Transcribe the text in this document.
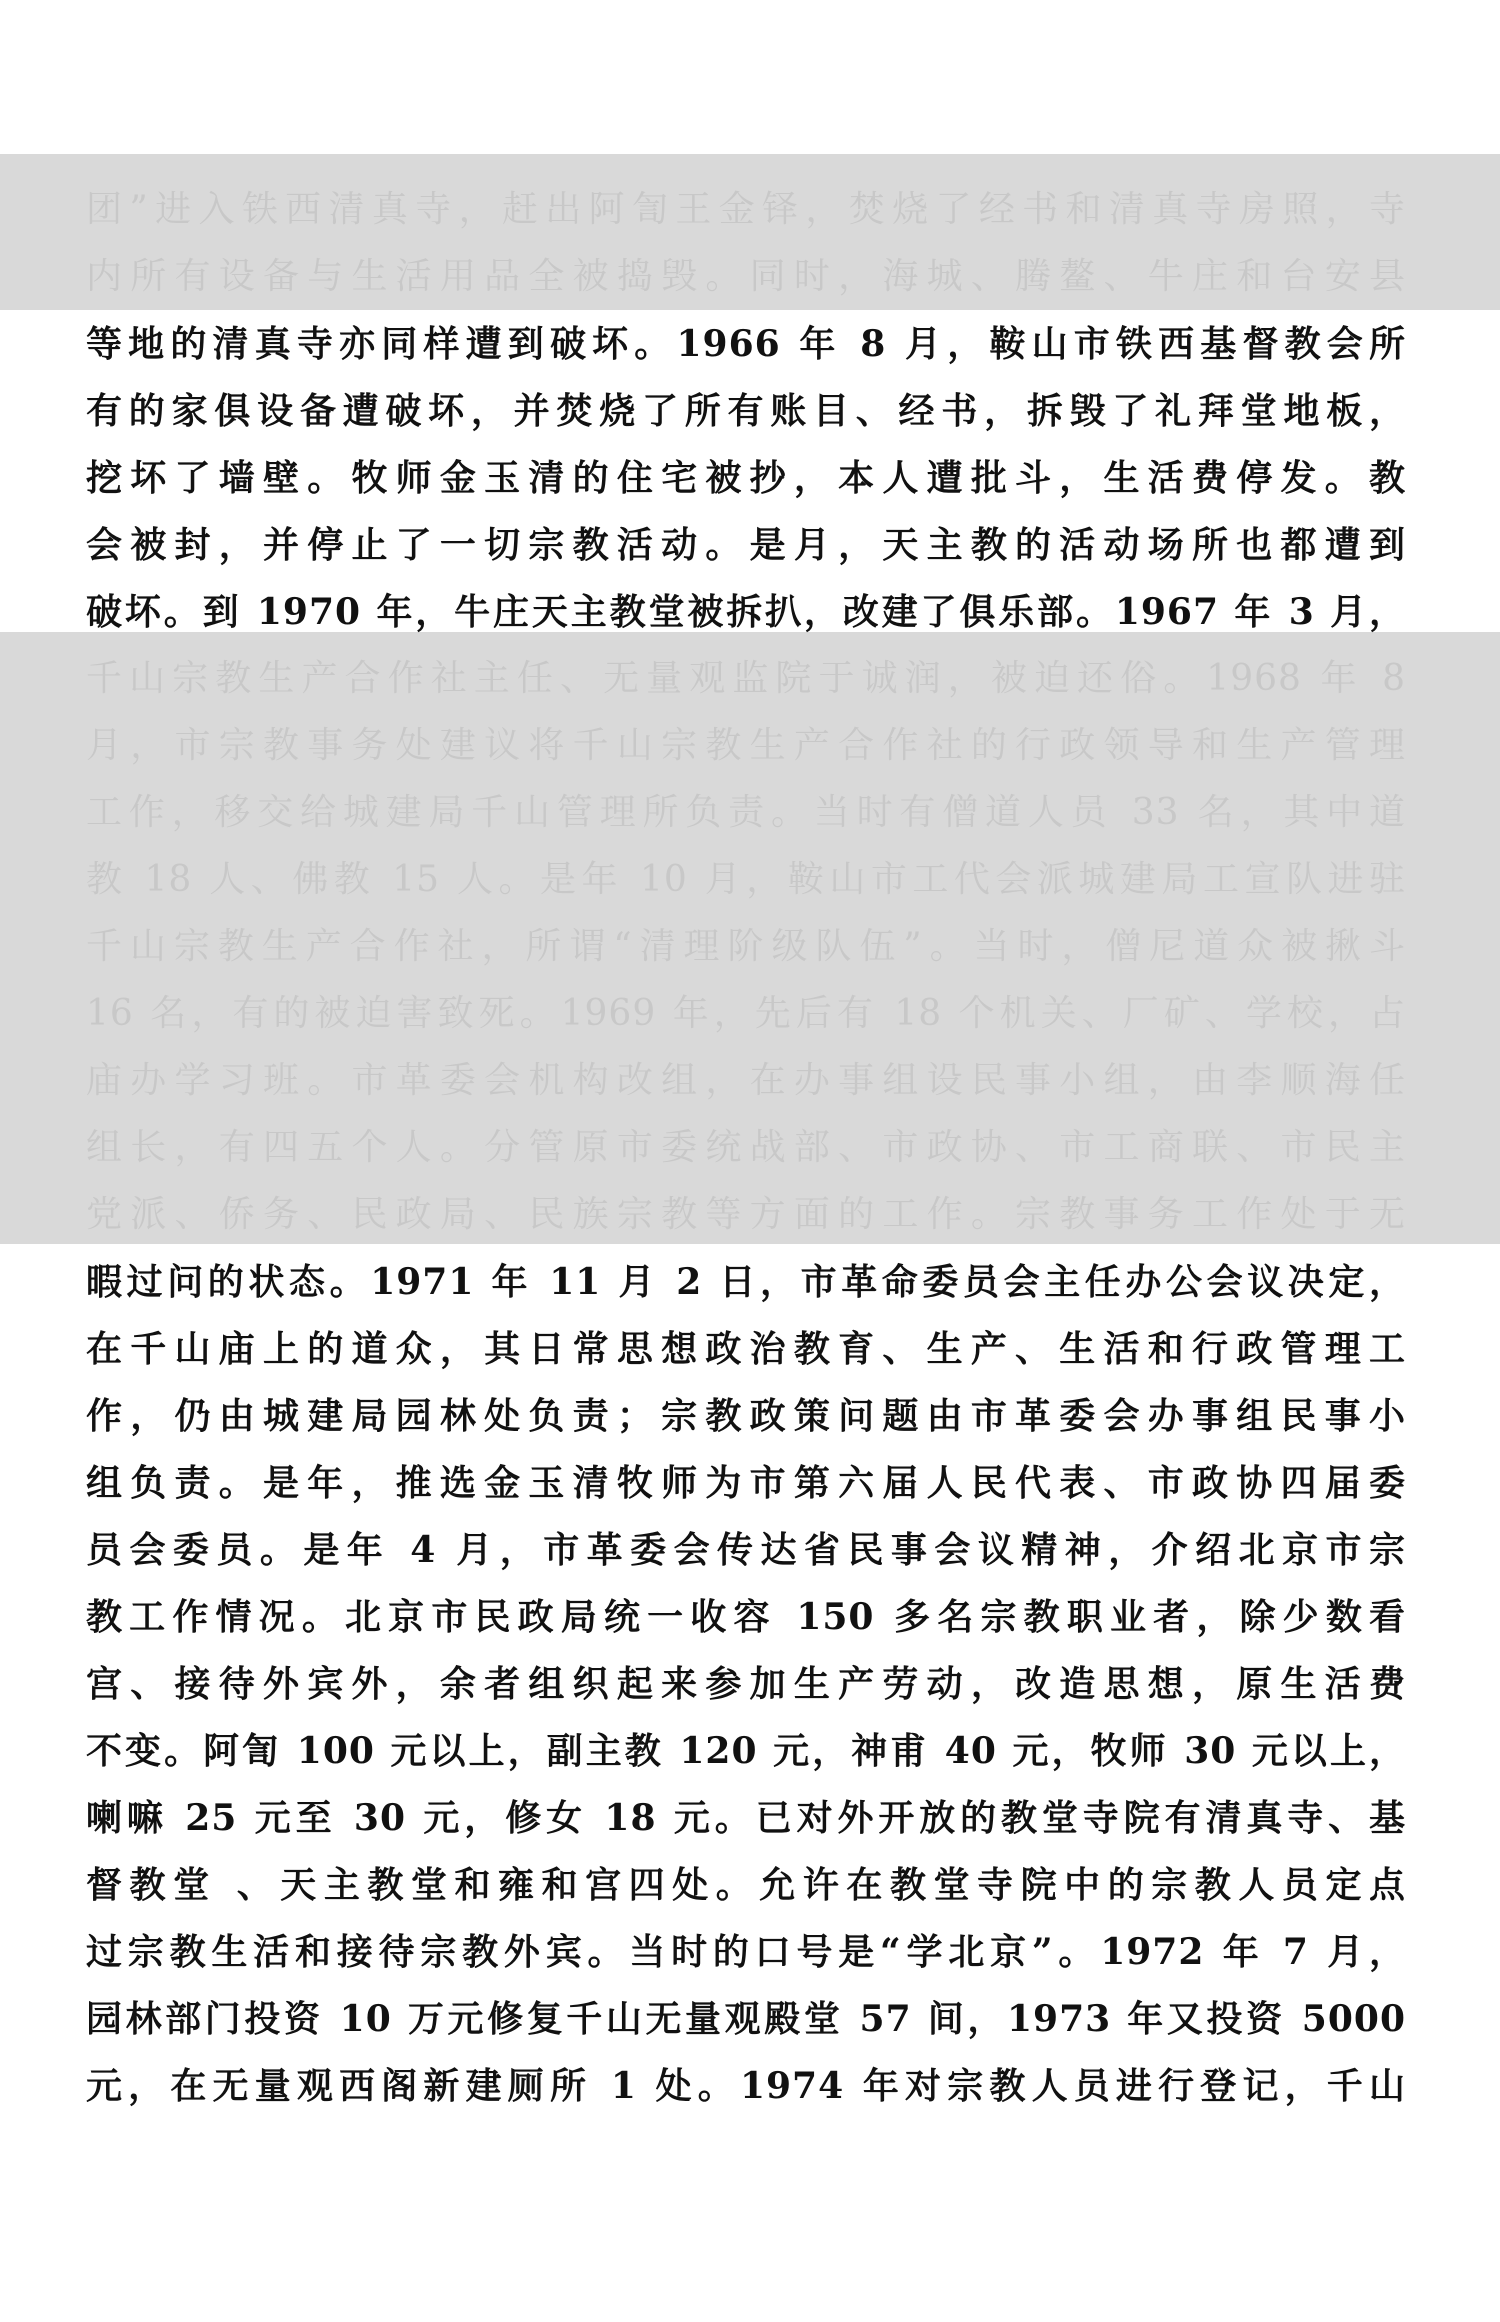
团”进入铁西清真寺，赶出阿訇王金铎，焚烧了经书和清真寺房照，寺
内所有设备与生活用品全被捣毁。同时，海城、腾鳌、牛庄和台安县
等地的清真寺亦同样遭到破坏。1966 年 8 月，鞍山市铁西基督教会所
有的家俱设备遭破坏，并焚烧了所有账目、经书，拆毁了礼拜堂地板，
挖坏了墙壁。牧师金玉清的住宅被抄，本人遭批斗，生活费停发。教
会被封，并停止了一切宗教活动。是月，天主教的活动场所也都遭到
破坏。到 1970 年，牛庄天主教堂被拆扒，改建了俱乐部。1967 年 3 月，
千山宗教生产合作社主任、无量观监院于诚润，被迫还俗。1968 年 8
月，市宗教事务处建议将千山宗教生产合作社的行政领导和生产管理
工作，移交给城建局千山管理所负责。当时有僧道人员 33 名，其中道
教 18 人、佛教 15 人。是年 10 月，鞍山市工代会派城建局工宣队进驻
千山宗教生产合作社，所谓“清理阶级队伍”。当时，僧尼道众被揪斗
16 名，有的被迫害致死。1969 年，先后有 18 个机关、厂矿、学校，占
庙办学习班。市革委会机构改组，在办事组设民事小组，由李顺海任
组长，有四五个人。分管原市委统战部、市政协、市工商联、市民主
党派、侨务、民政局、民族宗教等方面的工作。宗教事务工作处于无
暇过问的状态。1971 年 11 月 2 日，市革命委员会主任办公会议决定，
在千山庙上的道众，其日常思想政治教育、生产、生活和行政管理工
作，仍由城建局园林处负责；宗教政策问题由市革委会办事组民事小
组负责。是年，推选金玉清牧师为市第六届人民代表、市政协四届委
员会委员。是年 4 月，市革委会传达省民事会议精神，介绍北京市宗
教工作情况。北京市民政局统一收容 150 多名宗教职业者，除少数看
宫、接待外宾外，余者组织起来参加生产劳动，改造思想，原生活费
不变。阿訇 100 元以上，副主教 120 元，神甫 40 元，牧师 30 元以上，
喇嘛 25 元至 30 元，修女 18 元。已对外开放的教堂寺院有清真寺、基
督教堂 、天主教堂和雍和宫四处。允许在教堂寺院中的宗教人员定点
过宗教生活和接待宗教外宾。当时的口号是“学北京”。1972 年 7 月，
园林部门投资 10 万元修复千山无量观殿堂 57 间，1973 年又投资 5000
元，在无量观西阁新建厕所 1 处。1974 年对宗教人员进行登记，千山
